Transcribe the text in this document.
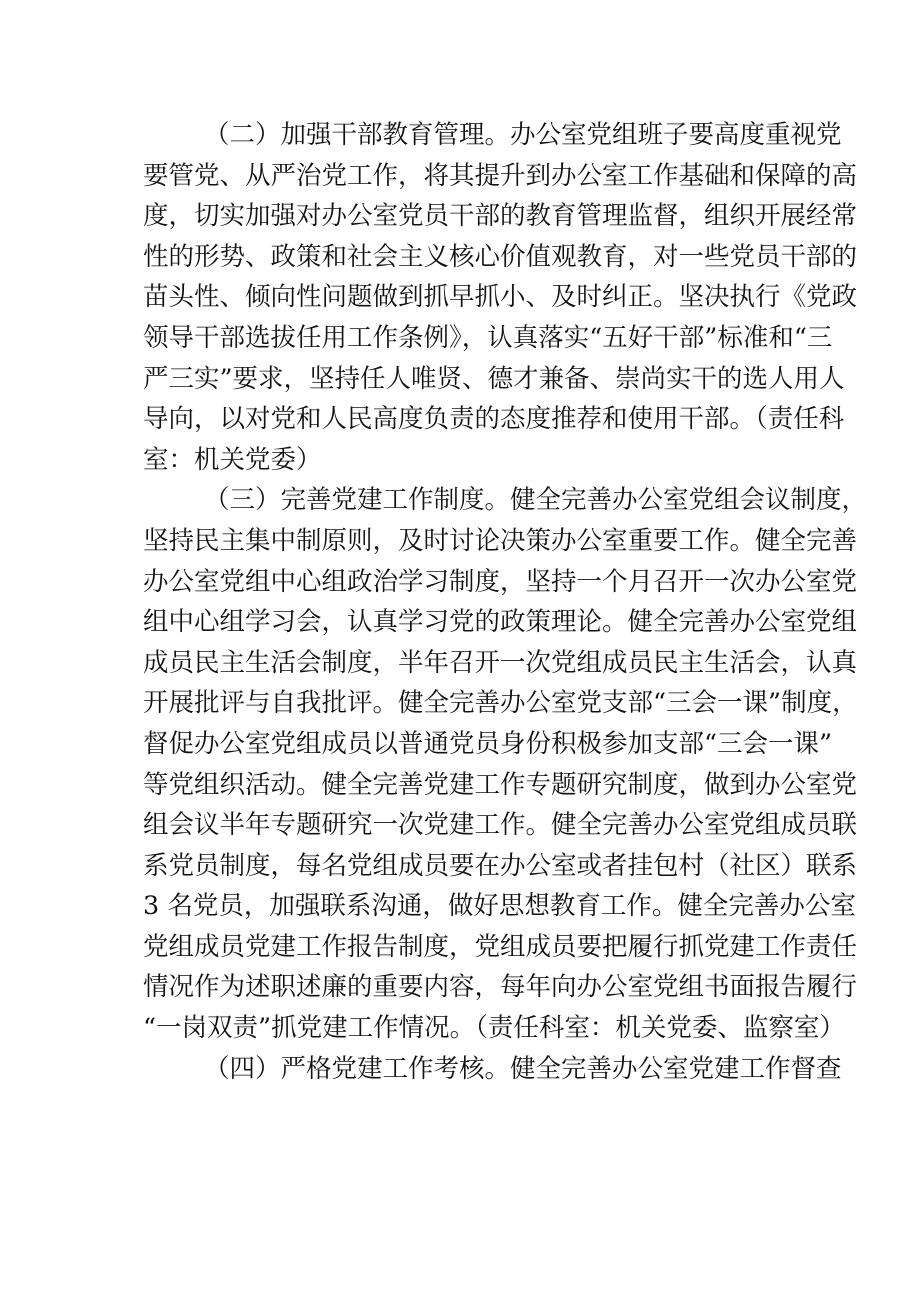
（二）加强干部教育管理。办公室党组班子要高度重视党
要管党、从严治党工作，将其提升到办公室工作基础和保障的高
度，切实加强对办公室党员干部的教育管理监督，组织开展经常
性的形势、政策和社会主义核心价值观教育，对一些党员干部的
苗头性、倾向性问题做到抓早抓小、及时纠正。坚决执行《党政
领导干部选拔任用工作条例》，认真落实“五好干部”标准和“三
严三实”要求，坚持任人唯贤、德才兼备、崇尚实干的选人用人
导向，以对党和人民高度负责的态度推荐和使用干部。（责任科
室：机关党委）
（三）完善党建工作制度。健全完善办公室党组会议制度，
坚持民主集中制原则，及时讨论决策办公室重要工作。健全完善
办公室党组中心组政治学习制度，坚持一个月召开一次办公室党
组中心组学习会，认真学习党的政策理论。健全完善办公室党组
成员民主生活会制度，半年召开一次党组成员民主生活会，认真
开展批评与自我批评。健全完善办公室党支部“三会一课”制度，
督促办公室党组成员以普通党员身份积极参加支部“三会一课”
等党组织活动。健全完善党建工作专题研究制度，做到办公室党
组会议半年专题研究一次党建工作。健全完善办公室党组成员联
系党员制度，每名党组成员要在办公室或者挂包村（社区）联系
3 名党员，加强联系沟通，做好思想教育工作。健全完善办公室
党组成员党建工作报告制度，党组成员要把履行抓党建工作责任
情况作为述职述廉的重要内容，每年向办公室党组书面报告履行
“一岗双责”抓党建工作情况。（责任科室：机关党委、监察室）
（四）严格党建工作考核。健全完善办公室党建工作督查
